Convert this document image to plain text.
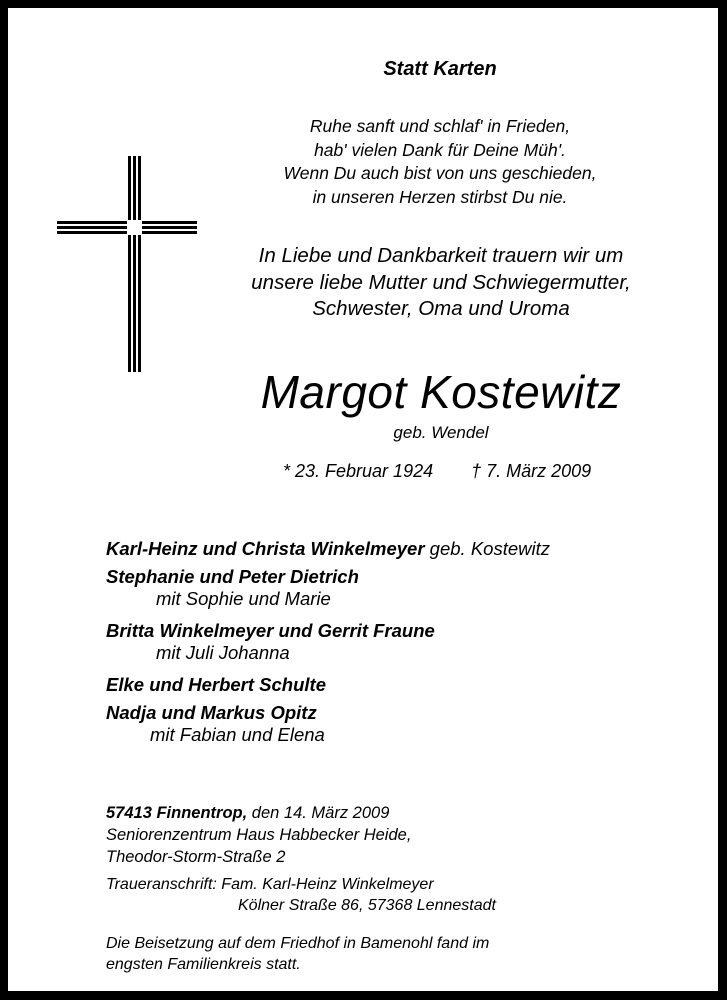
Statt Karten
Ruhe sanft und schlaf' in Frieden,
hab' vielen Dank für Deine Müh'.
Wenn Du auch bist von uns geschieden,
in unseren Herzen stirbst Du nie.
In Liebe und Dankbarkeit trauern wir um
unsere liebe Mutter und Schwiegermutter,
Schwester, Oma und Uroma
Margot Kostewitz
geb. Wendel
* 23. Februar 1924 † 7. März 2009
Karl-Heinz und Christa Winkelmeyer geb. Kostewitz
Stephanie und Peter Dietrich
mit Sophie und Marie
Britta Winkelmeyer und Gerrit Fraune
mit Juli Johanna
Elke und Herbert Schulte
Nadja und Markus Opitz
mit Fabian und Elena
57413 Finnentrop, den 14. März 2009
Seniorenzentrum Haus Habbecker Heide,
Theodor-Storm-Straße 2
Traueranschrift: Fam. Karl-Heinz Winkelmeyer
Kölner Straße 86, 57368 Lennestadt
Die Beisetzung auf dem Friedhof in Bamenohl fand im
engsten Familienkreis statt.
